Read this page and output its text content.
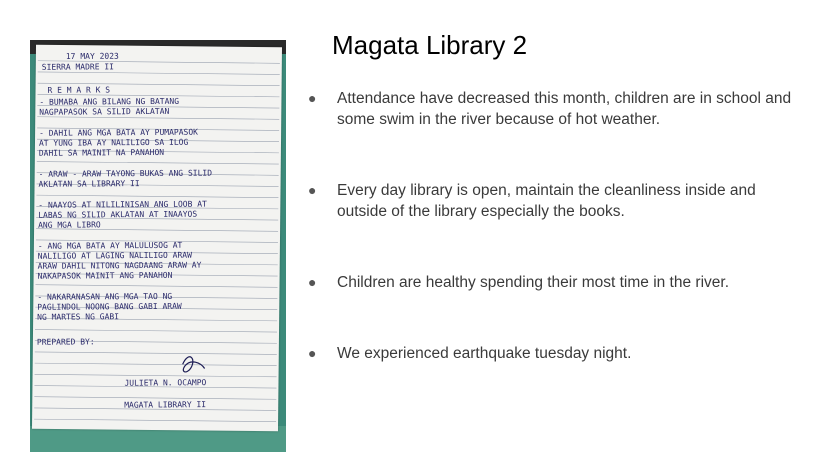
17 MAY 2023
SIERRA MADRE II
R E M A R K S
- BUMABA ANG BILANG NG BATANG
NAGPAPASOK SA SILID AKLATAN
- DAHIL ANG MGA BATA AY PUMAPASOK
AT YUNG IBA AY NALILIGO SA ILOG
DAHIL SA MAINIT NA PANAHON
- ARAW - ARAW TAYONG BUKAS ANG SILID
AKLATAN SA LIBRARY II
- NAAYOS AT NILILINISAN ANG LOOB AT
LABAS NG SILID AKLATAN AT INAAYOS
ANG MGA LIBRO
- ANG MGA BATA AY MALULUSOG AT
NALILIGO AT LAGING NALILIGO ARAW
ARAW DAHIL NITONG NAGDAANG ARAW AY
NAKAPASOK MAINIT ANG PANAHON
- NAKARANASAN ANG MGA TAO NG
PAGLINDOL NOONG BANG GABI ARAW
NG MARTES NG GABI
PREPARED BY:
JULIETA N. OCAMPO
MAGATA LIBRARY II
Magata Library 2
●	Attendance have decreased this month, children are in school and some swim in the river because of hot weather.
●	Every day library is open, maintain the cleanliness inside and outside of the library especially the books.
●	Children are healthy spending their most time in the river.
●	We experienced earthquake tuesday night.
